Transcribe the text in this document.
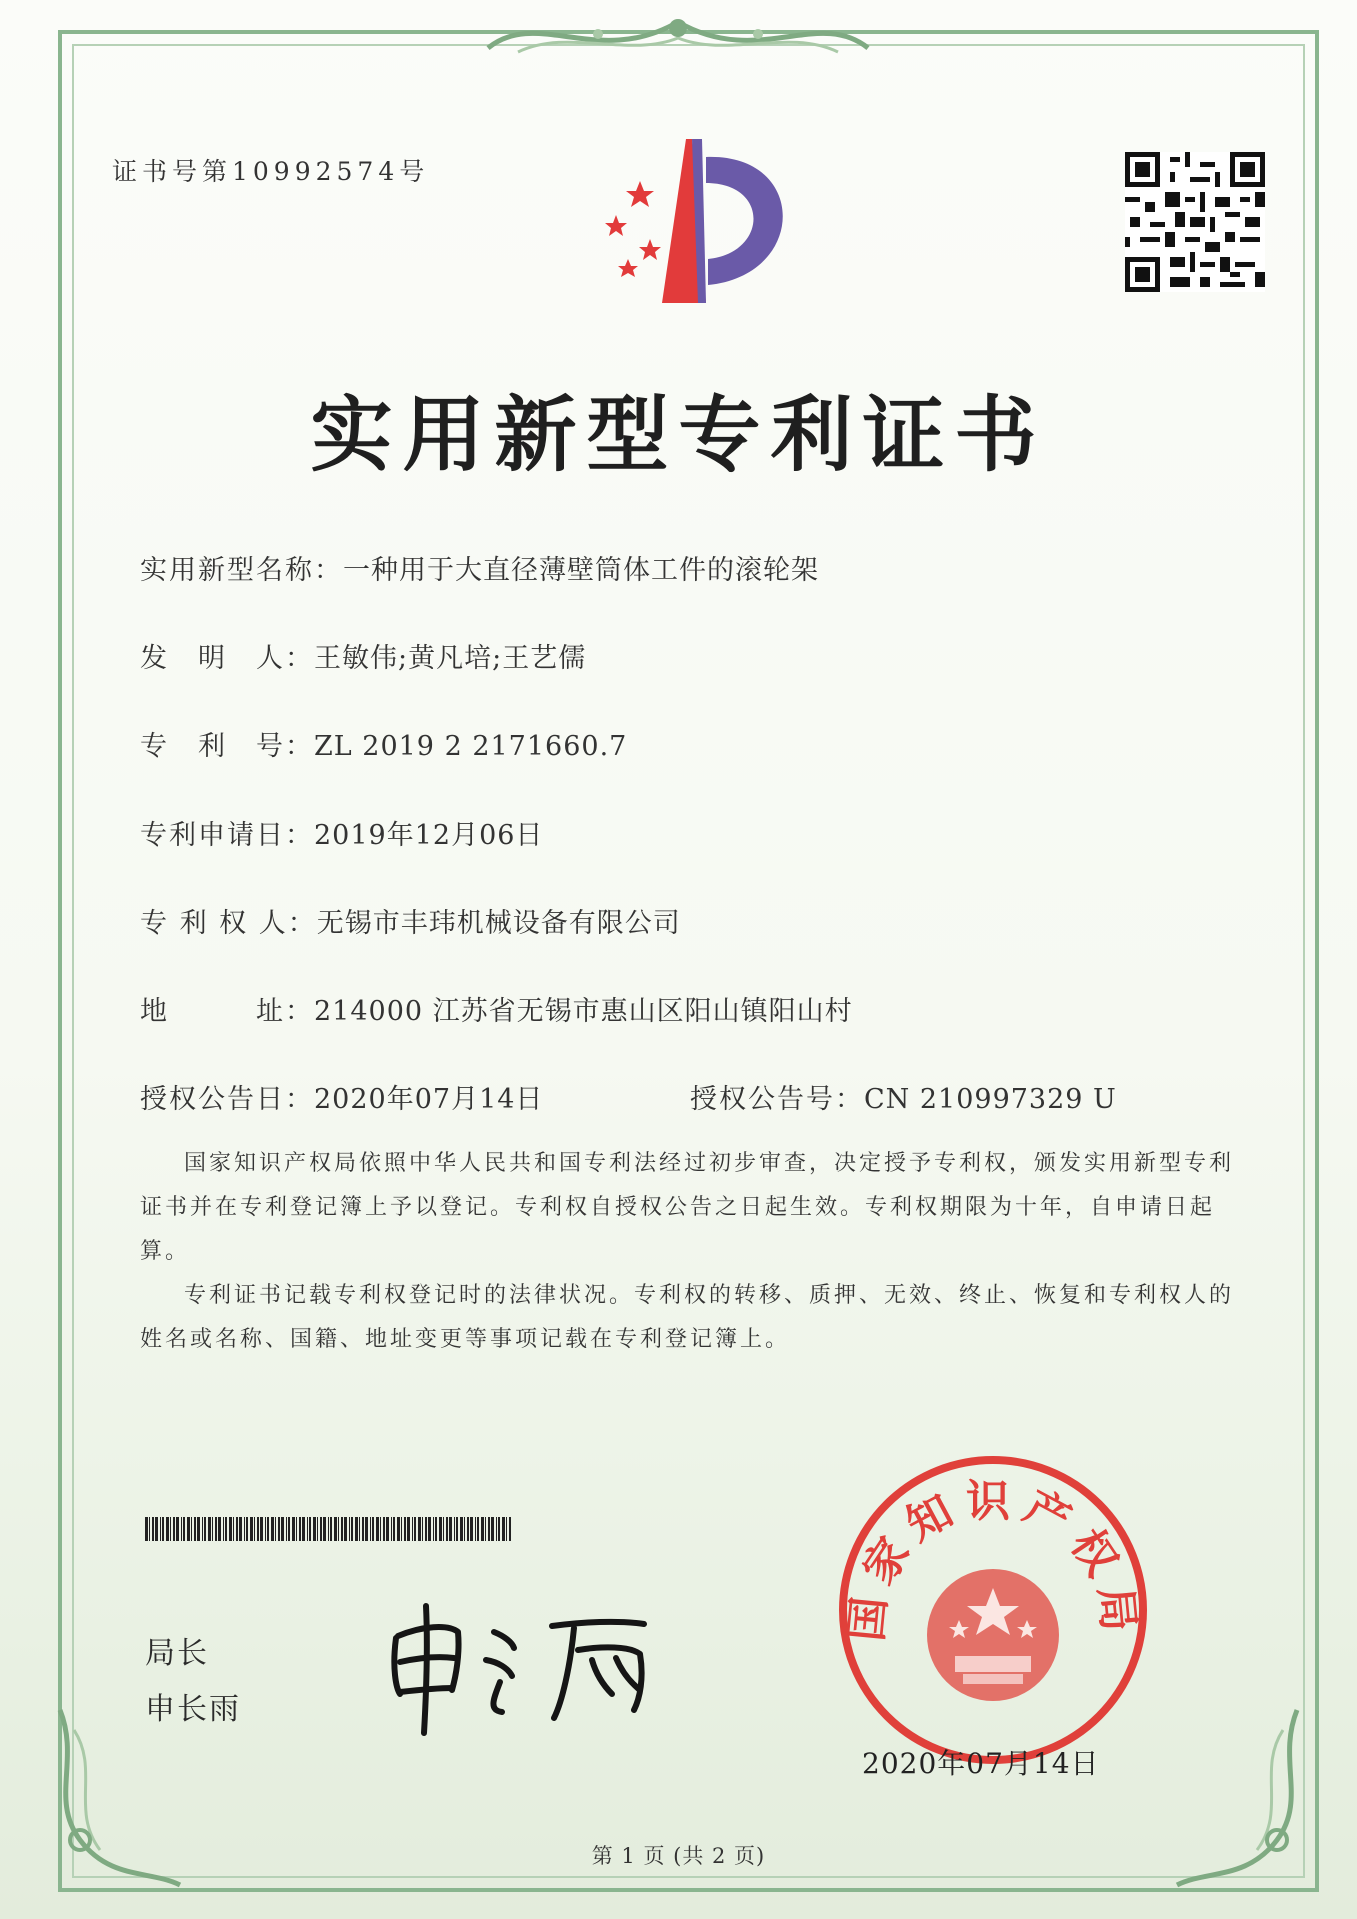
证书号第10992574号
实用新型专利证书
实用新型名称：一种用于大直径薄壁筒体工件的滚轮架
发　明　人：王敏伟;黄凡培;王艺儒
专　利　号：ZL 2019 2 2171660.7
专利申请日：2019年12月06日
专 利 权 人：无锡市丰玮机械设备有限公司
地　　　址：214000 江苏省无锡市惠山区阳山镇阳山村
授权公告日：2020年07月14日	授权公告号：CN 210997329 U

国家知识产权局依照中华人民共和国专利法经过初步审查，决定授予专利权，颁发实用新型专利证书并在专利登记簿上予以登记。专利权自授权公告之日起生效。专利权期限为十年，自申请日起算。

专利证书记载专利权登记时的法律状况。专利权的转移、质押、无效、终止、恢复和专利权人的姓名或名称、国籍、地址变更等事项记载在专利登记簿上。

局长
申长雨
国家知识产权局
2020年07月14日
第 1 页 (共 2 页)
